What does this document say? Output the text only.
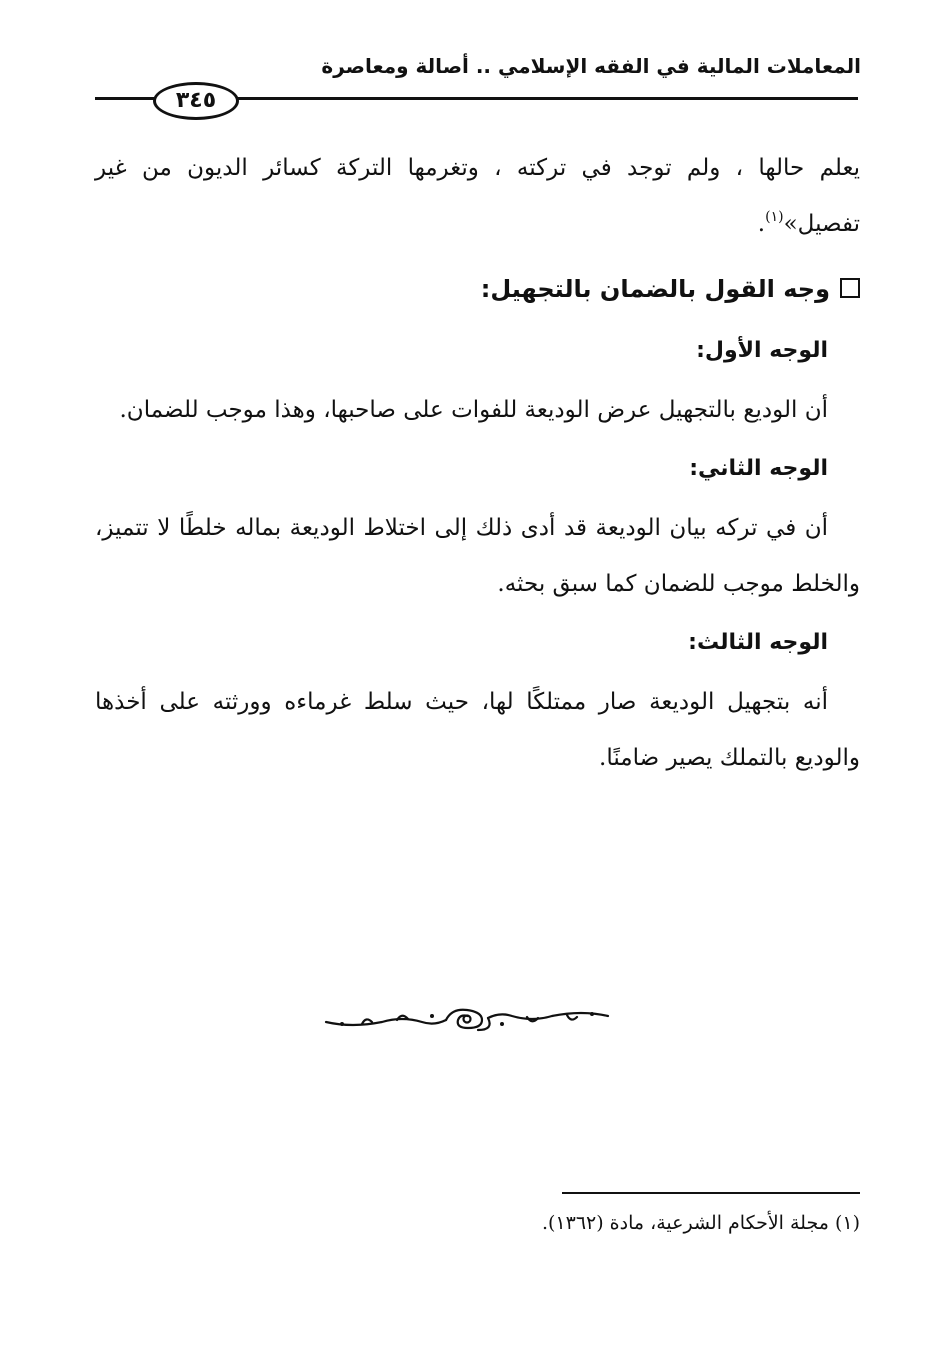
المعاملات المالية في الفقه الإسلامي .. أصالة ومعاصرة
٣٤٥

يعلم حالها ، ولم توجد في تركته ، وتغرمها التركة كسائر الديون من غير تفصيل»$^{(١)}$.

وجه القول بالضمان بالتجهيل:
الوجه الأول:

أن الوديع بالتجهيل عرض الوديعة للفوات على صاحبها، وهذا موجب للضمان.

الوجه الثاني:

أن في تركه بيان الوديعة قد أدى ذلك إلى اختلاط الوديعة بماله خلطًا لا تتميز، والخلط موجب للضمان كما سبق بحثه.

الوجه الثالث:

أنه بتجهيل الوديعة صار ممتلكًا لها، حيث سلط غرماءه وورثته على أخذها والوديع بالتملك يصير ضامنًا.

(١) مجلة الأحكام الشرعية، مادة (١٣٦٢).
